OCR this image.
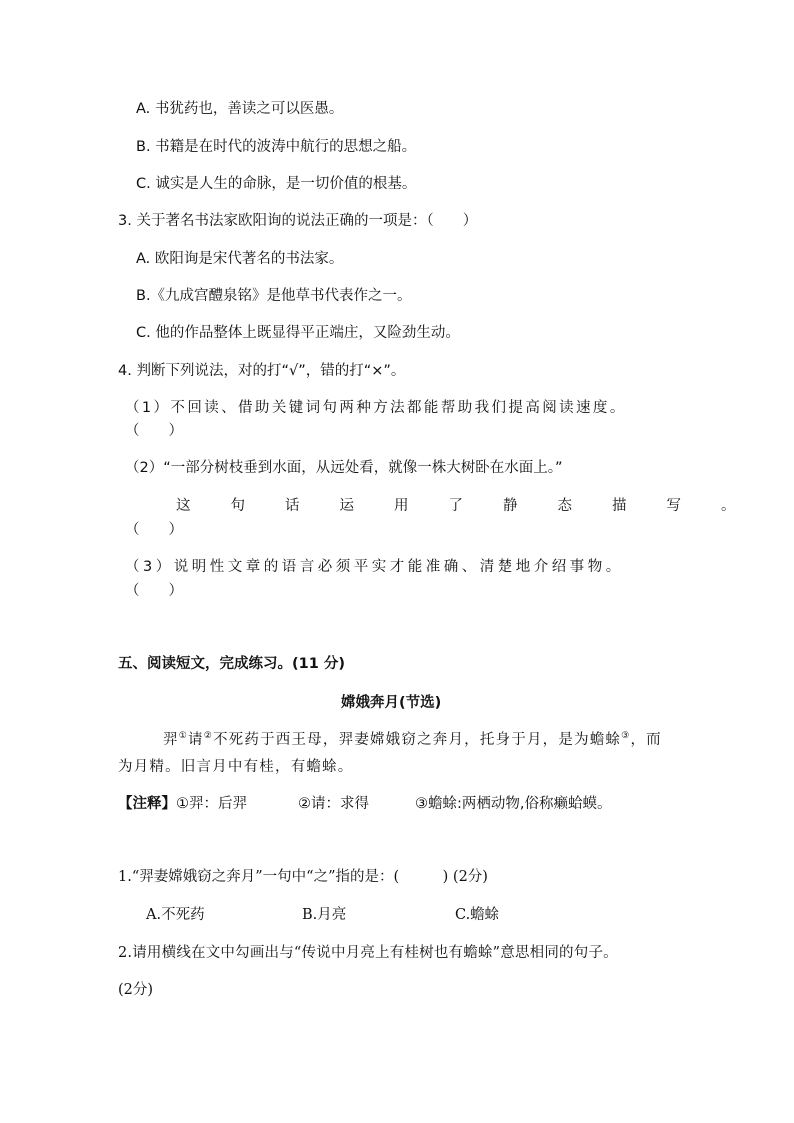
A. 书犹药也，善读之可以医愚。
B. 书籍是在时代的波涛中航行的思想之船。
C. 诚实是人生的命脉，是一切价值的根基。
3. 关于著名书法家欧阳询的说法正确的一项是：（　　）
A. 欧阳询是宋代著名的书法家。
B.《九成宫醴泉铭》是他草书代表作之一。
C. 他的作品整体上既显得平正端庄，又险劲生动。
4. 判断下列说法，对的打“√”，错的打“×”。
（1）不回读、借助关键词句两种方法都能帮助我们提高阅读速度。
（　　）
（2）“一部分树枝垂到水面，从远处看，就像一株大树卧在水面上。”
这句话运用了静态描写。
（　　）
（3）说明性文章的语言必须平实才能准确、清楚地介绍事物。
（　　）
五、阅读短文，完成练习。(11 分)
嫦娥奔月(节选)
羿①请②不死药于西王母，羿妻嫦娥窃之奔月，托身于月，是为蟾蜍③，而
为月精。旧言月中有桂，有蟾蜍。
【注释】①羿：后羿	②请：求得	③蟾蜍:两栖动物,俗称癞蛤蟆。
1.“羿妻嫦娥窃之奔月”一句中“之”指的是：(　　　) (2分)
A.不死药	B.月亮	C.蟾蜍
2.请用横线在文中勾画出与“传说中月亮上有桂树也有蟾蜍”意思相同的句子。
(2分)
